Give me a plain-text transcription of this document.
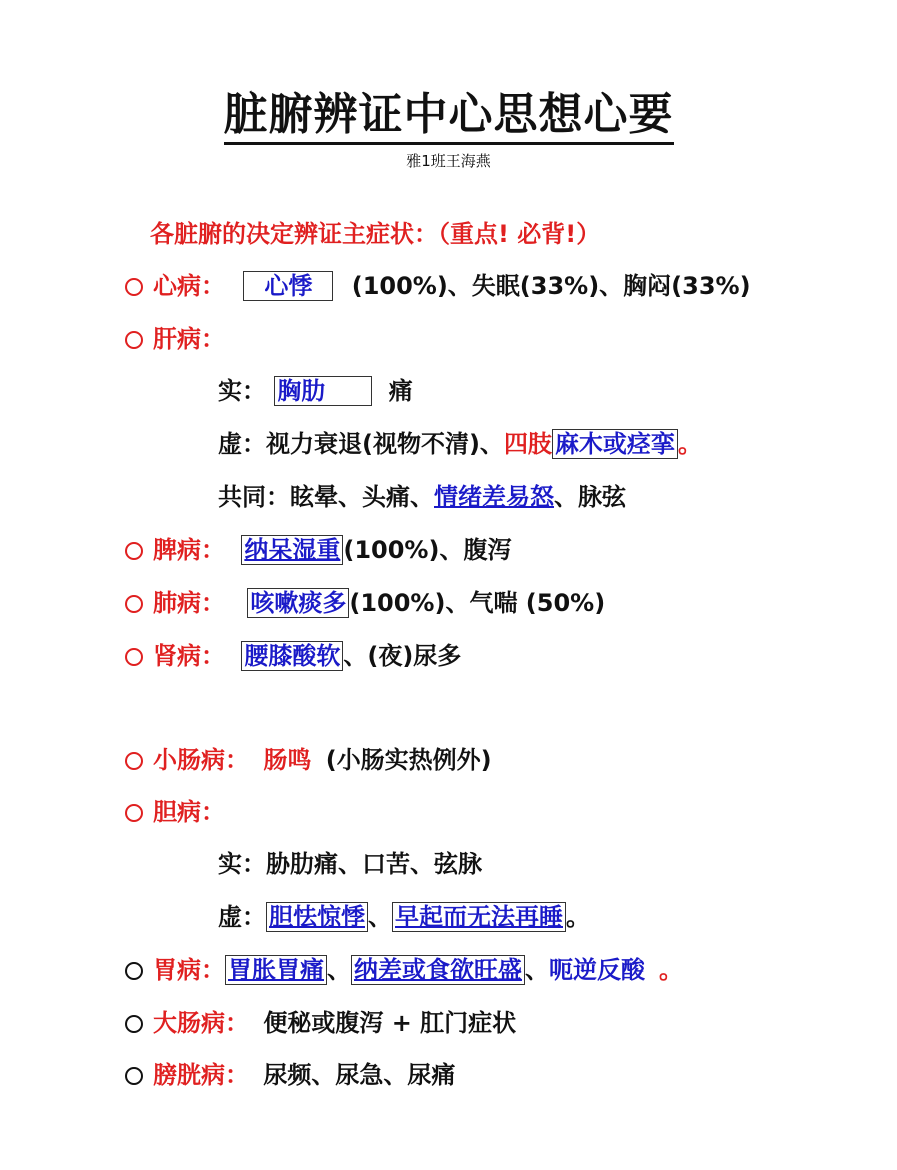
脏腑辨证中心思想心要
雅1班王海燕
各脏腑的决定辨证主症状：（重点! 必背!）
心病： 心悸 (100%)、失眠(33%)、胸闷(33%)
肝病：
实： 胸肋	痛
虚：视力衰退(视物不清)、四肢 麻木或痉挛 。
共同：眩晕、头痛、情绪差易怒、脉弦
脾病： 纳呆湿重 (100%)、腹泻
肺病： 咳嗽痰多 (100%)、气喘 (50%)
肾病： 腰膝酸软 、(夜)尿多
小肠病： 肠鸣 (小肠实热例外)
胆病：
实：胁肋痛、口苦、弦脉
虚： 胆怯惊悸 、 早起而无法再睡 。
胃病： 胃胀胃痛 、 纳差或食欲旺盛 、呃逆反酸 。
大肠病： 便秘或腹泻 + 肛门症状
膀胱病： 尿频、尿急、尿痛
